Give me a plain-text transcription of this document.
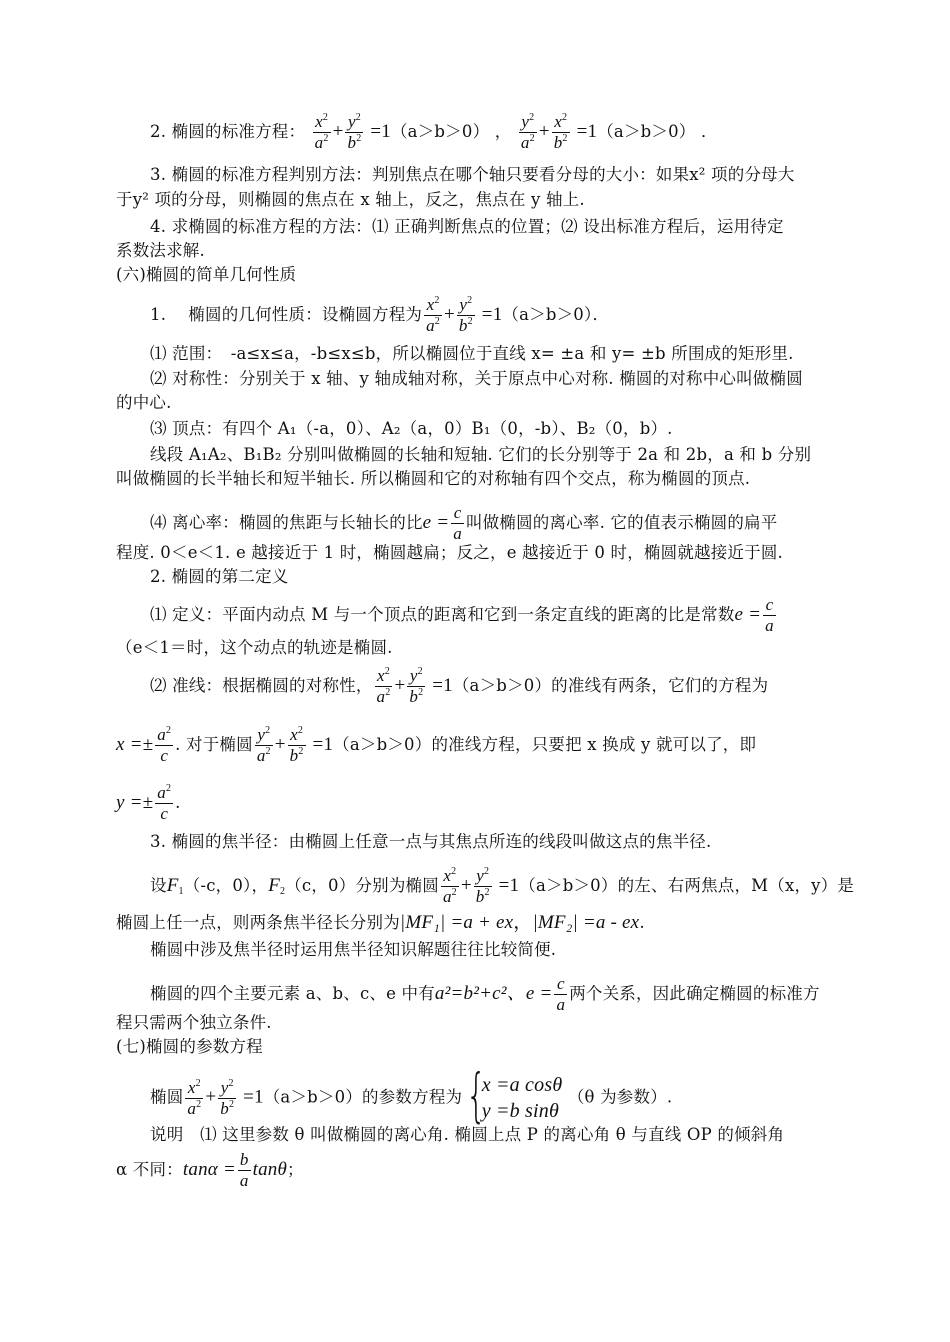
2. 椭圆的标准方程： $\frac{x^2}{a^2} + \frac{y^2}{b^2} =1(a>b>0)$ ， $\frac{y^2}{a^2} + \frac{x^2}{b^2} =1(a>b>0)$ ．
3. 椭圆的标准方程判别方法：判别焦点在哪个轴只要看分母的大小：如果x² 项的分母大
于y² 项的分母，则椭圆的焦点在 x 轴上，反之，焦点在 y 轴上.
4. 求椭圆的标准方程的方法：⑴ 正确判断焦点的位置；⑵ 设出标准方程后，运用待定
系数法求解.
(六)椭圆的简单几何性质
1.　 椭圆的几何性质：设椭圆方程为 $\frac{x^2}{a^2} + \frac{y^2}{b^2} =1(a>b>0)$．
⑴ 范围：　-a≤x≤a，-b≤x≤b，所以椭圆位于直线 x= ±a 和 y= ±b 所围成的矩形里.
⑵ 对称性：分别关于 x 轴、y 轴成轴对称，关于原点中心对称. 椭圆的对称中心叫做椭圆
的中心.
⑶ 顶点：有四个 A₁（-a，0）、A₂（a，0）B₁（0，-b）、B₂（0，b）.
线段 A₁A₂、B₁B₂ 分别叫做椭圆的长轴和短轴. 它们的长分别等于 2a 和 2b，a 和 b 分别
叫做椭圆的长半轴长和短半轴长. 所以椭圆和它的对称轴有四个交点，称为椭圆的顶点.
⑷ 离心率：椭圆的焦距与长轴长的比$e = \frac{c}{a}$ 叫做椭圆的离心率. 它的值表示椭圆的扁平
程度. 0＜e＜1. e 越接近于 1 时，椭圆越扁；反之，e 越接近于 0 时，椭圆就越接近于圆.
2. 椭圆的第二定义
⑴ 定义：平面内动点 M 与一个顶点的距离和它到一条定直线的距离的比是常数$e = \frac{c}{a}$
（e＜1＝时，这个动点的轨迹是椭圆.
⑵ 准线：根据椭圆的对称性， $\frac{x^2}{a^2} + \frac{y^2}{b^2} =1(a>b>0)$的准线有两条，它们的方程为
$x =\pm \frac{a^2}{c}$ . 对于椭圆 $\frac{y^2}{a^2} + \frac{x^2}{b^2} =1(a>b>0)$的准线方程，只要把 x 换成 y 就可以了，即
$y =\pm \frac{a^2}{c}$ .
3. 椭圆的焦半径：由椭圆上任意一点与其焦点所连的线段叫做这点的焦半径.
设$F_1(-c$，0），$F_2(c$，0）分别为椭圆 $\frac{x^2}{a^2} + \frac{y^2}{b^2} =1(a>b>0)$的左、右两焦点，M（x，y）是
椭圆上任一点，则两条焦半径长分别为|MF₁| =a + ex，|MF₂| =a - ex.
椭圆中涉及焦半径时运用焦半径知识解题往往比较简便.
椭圆的四个主要元素 a、b、c、e 中有a²=b²+c²、$e = \frac{c}{a}$ 两个关系，因此确定椭圆的标准方
程只需两个独立条件.
(七)椭圆的参数方程
椭圆 $\frac{x^2}{a^2} + \frac{y^2}{b^2} =1(a>b>0)$的参数方程为 {
x =a cosθ
y =b sinθ
（θ 为参数）.
说明　⑴ 这里参数 θ 叫做椭圆的离心角. 椭圆上点 P 的离心角 θ 与直线 OP 的倾斜角
α 不同：$\tan\alpha = \frac{b}{a}$ tanθ；
